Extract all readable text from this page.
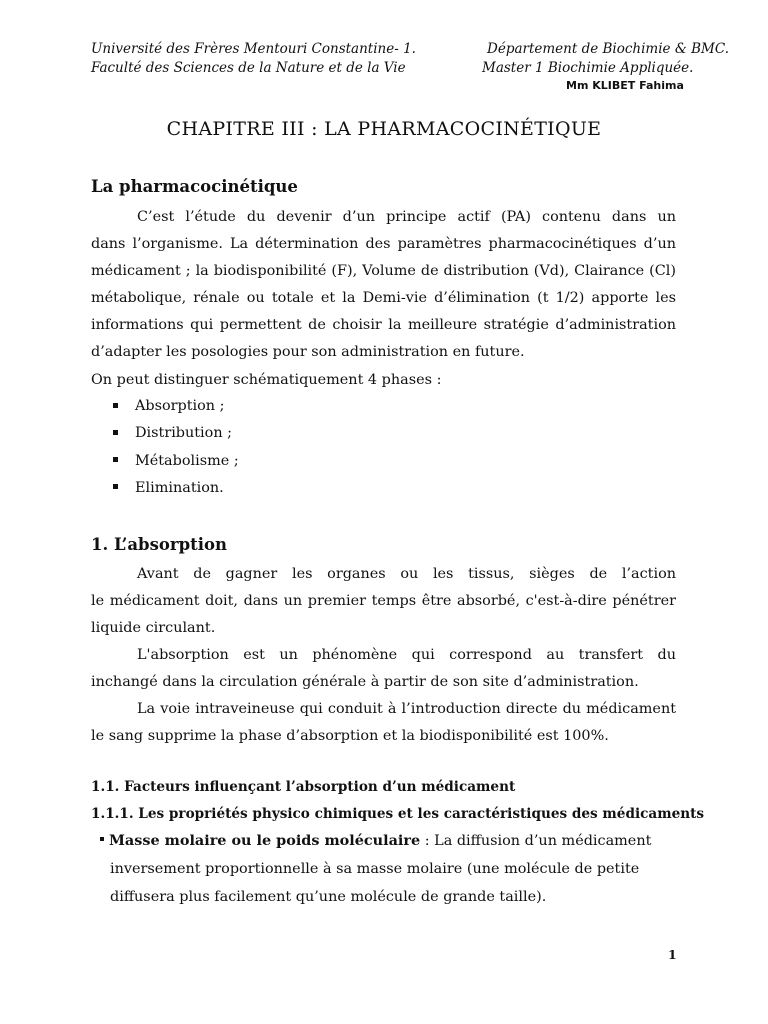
Université des Frères Mentouri Constantine- 1.
Faculté des Sciences de la Nature et de la Vie
Département de Biochimie & BMC.
Master 1 Biochimie Appliquée.
Mm KLIBET Fahima
CHAPITRE III : LA PHARMACOCINÉTIQUE
La pharmacocinétique
C’est l’étude du devenir d’un principe actif (PA) contenu dans un
dans l’organisme. La détermination des paramètres pharmacocinétiques d’un
médicament ; la biodisponibilité (F), Volume de distribution (Vd), Clairance (Cl)
métabolique, rénale ou totale et la Demi-vie d’élimination (t 1/2) apporte les
informations qui permettent de choisir la meilleure stratégie d’administration
d’adapter les posologies pour son administration en future.
On peut distinguer schématiquement 4 phases :
Absorption ;
Distribution ;
Métabolisme ;
Elimination.
1. L’absorption
Avant de gagner les organes ou les tissus, sièges de l’action
le médicament doit, dans un premier temps être absorbé, c'est-à-dire pénétrer
liquide circulant.
L'absorption est un phénomène qui correspond au transfert du
inchangé dans la circulation générale à partir de son site d’administration.
La voie intraveineuse qui conduit à l’introduction directe du médicament
le sang supprime la phase d’absorption et la biodisponibilité est 100%.
1.1. Facteurs influençant l’absorption d’un médicament
1.1.1. Les propriétés physico chimiques et les caractéristiques des médicaments
Masse molaire ou le poids moléculaire : La diffusion d’un médicament
inversement proportionnelle à sa masse molaire (une molécule de petite
diffusera plus facilement qu’une molécule de grande taille).
1
